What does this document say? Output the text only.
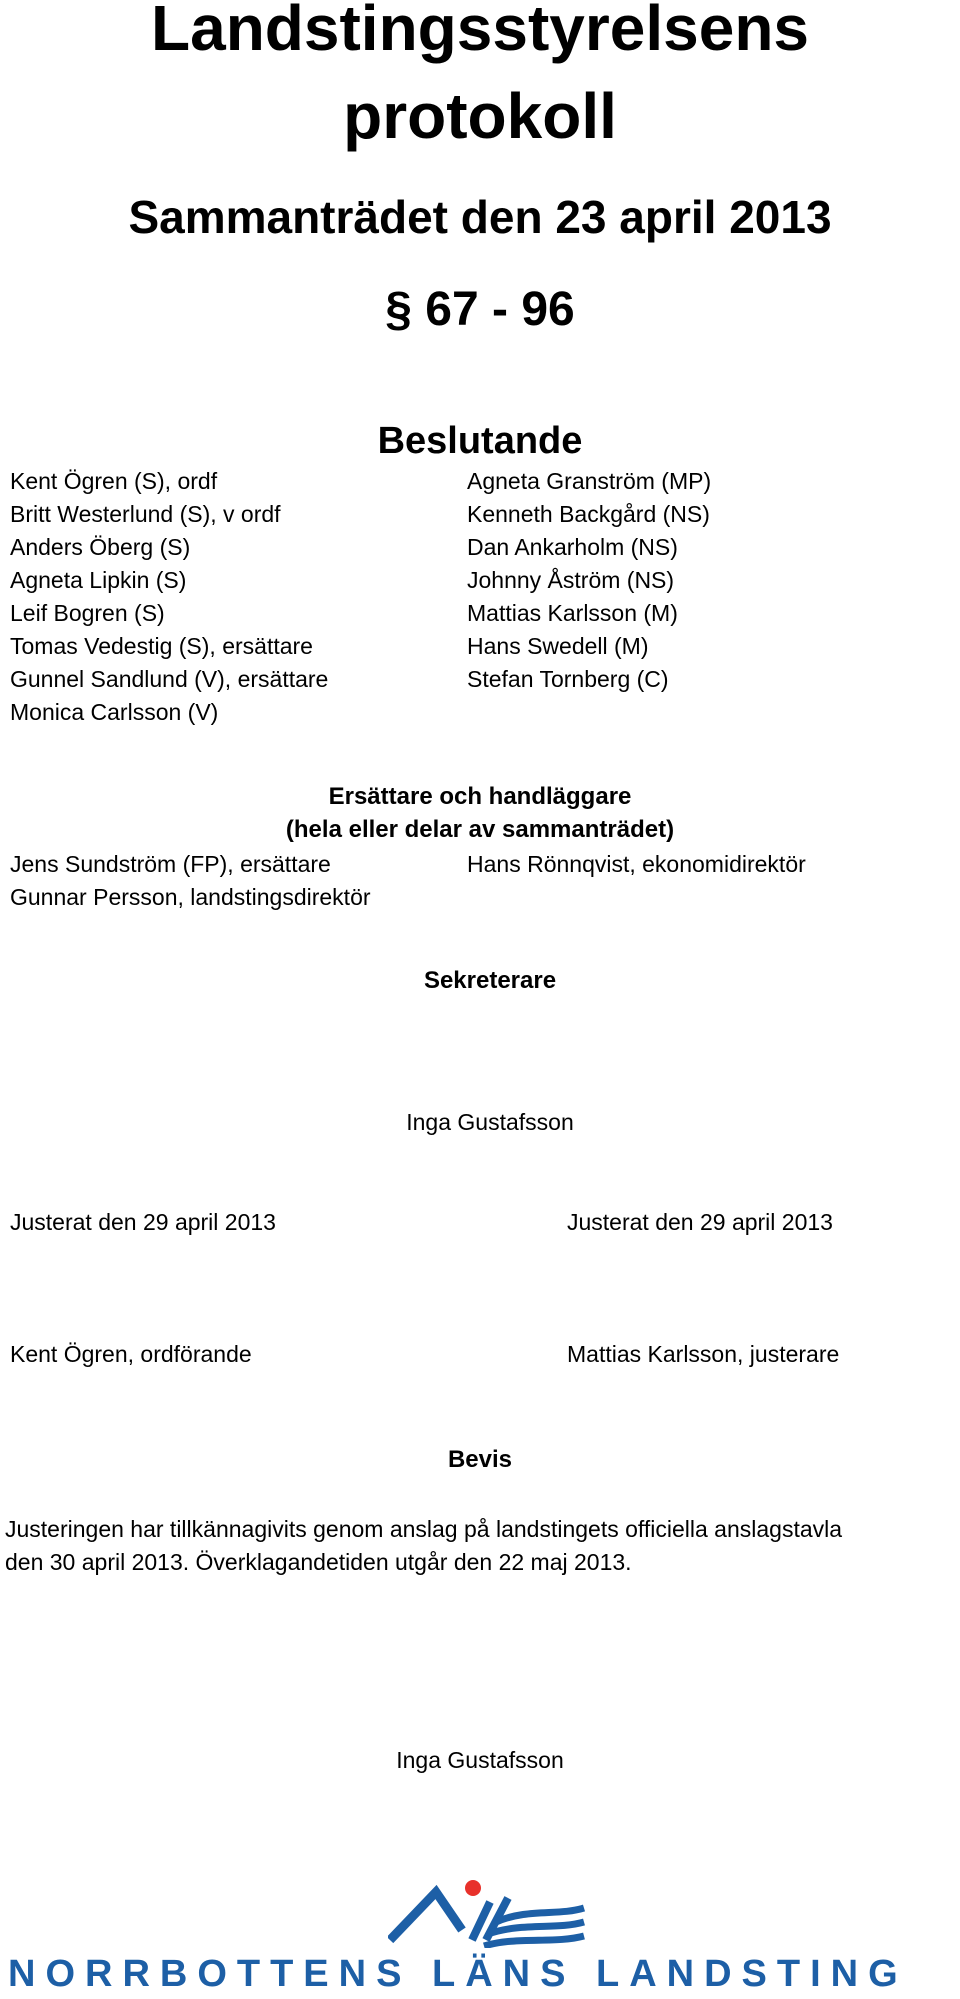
Landstingsstyrelsens
protokoll
Sammanträdet den 23 april 2013
§ 67 - 96
Beslutande
Kent Ögren (S), ordf
Britt Westerlund (S), v ordf
Anders Öberg (S)
Agneta Lipkin (S)
Leif Bogren (S)
Tomas Vedestig (S), ersättare
Gunnel Sandlund (V), ersättare
Monica Carlsson (V)
Agneta Granström (MP)
Kenneth Backgård (NS)
Dan Ankarholm (NS)
Johnny Åström (NS)
Mattias Karlsson (M)
Hans Swedell (M)
Stefan Tornberg (C)
Ersättare och handläggare
(hela eller delar av sammanträdet)
Jens Sundström (FP), ersättare	Hans Rönnqvist, ekonomidirektör
Gunnar Persson, landstingsdirektör
Sekreterare
Inga Gustafsson
Justerat den 29 april 2013	Justerat den 29 april 2013
Kent Ögren, ordförande	Mattias Karlsson, justerare
Bevis
Justeringen har tillkännagivits genom anslag på landstingets officiella anslagstavla
den 30 april 2013. Överklagandetiden utgår den 22 maj 2013.
Inga Gustafsson
NORRBOTTENS LÄNS LANDSTING
